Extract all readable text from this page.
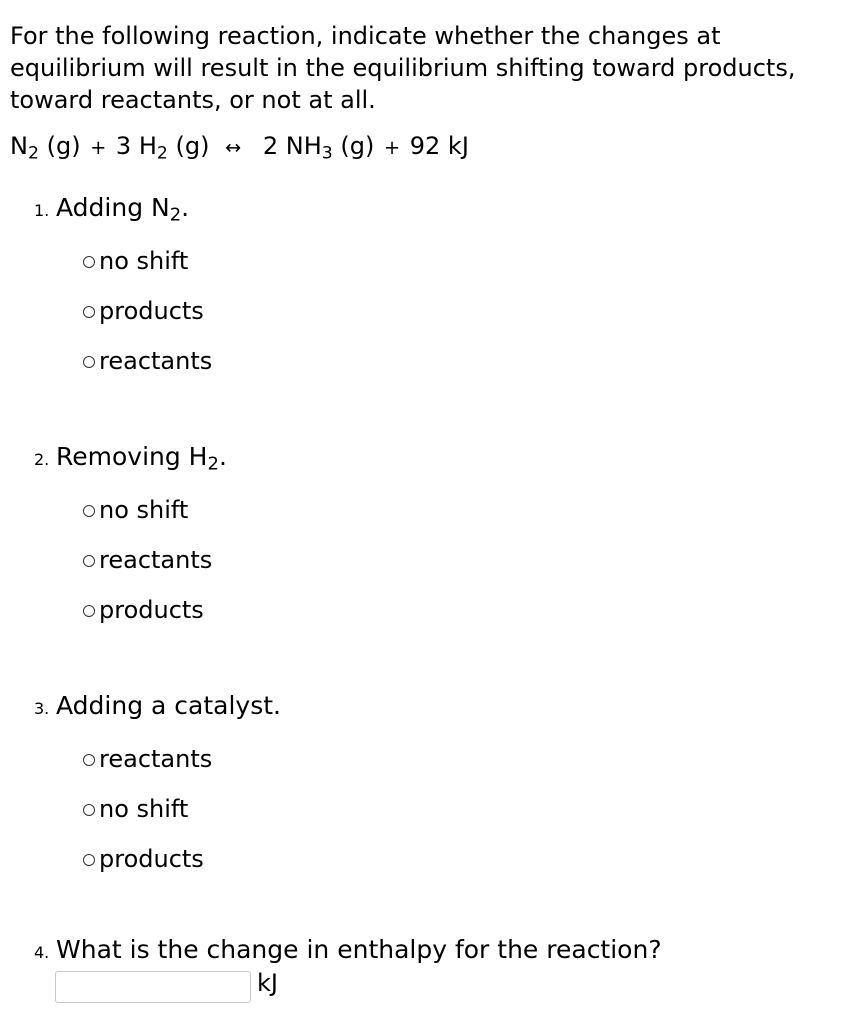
For the following reaction, indicate whether the changes at equilibrium will result in the equilibrium shifting toward products, toward reactants, or not at all.

$N_2$ (g) + 3 $H_2$ (g) ↔ 2 $NH_3$ (g) + 92 kJ
1. Adding $N_2$.
no shift
products
reactants
2. Removing $H_2$.
no shift
reactants
products
3. Adding a catalyst.
reactants
no shift
products
4. What is the change in enthalpy for the reaction?
kJ
